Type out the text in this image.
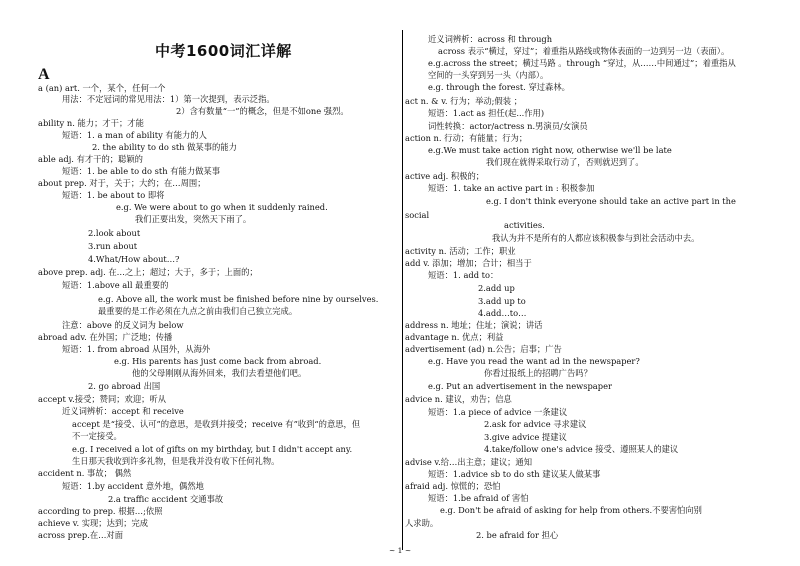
中考1600词汇详解
A
a (an) art. 一个，某个，任何一个
用法：不定冠词的常见用法：1）第一次提到，表示泛指。
2）含有数量“一”的概念，但是不如one 强烈。
ability n. 能力；才干；才能
短语：1. a man of ability 有能力的人
2. the ability to do sth 做某事的能力
able adj. 有才干的；聪颖的
短语：1. be able to do sth 有能力做某事
about prep. 对于，关于；大约；在…周围；
短语：1. be about to 即将
e.g. We were about to go when it suddenly rained.
我们正要出发，突然天下雨了。
2.look about
3.run about
4.What/How about…?
above prep. adj. 在…之上；超过；大于，多于；上面的；
短语：1.above all 最重要的
e.g. Above all, the work must be finished before nine by ourselves.
最重要的是工作必须在九点之前由我们自己独立完成。
注意：above 的反义词为 below
abroad adv. 在外国；广泛地；传播
短语：1. from abroad 从国外，从海外
e.g. His parents has just come back from abroad.
他的父母刚刚从海外回来，我们去看望他们吧。
2. go abroad 出国
accept v.接受；赞同；欢迎；听从
近义词辨析：accept 和 receive
accept 是“接受、认可”的意思，是收到并接受；receive 有”收到“的意思，但
不一定接受。
e.g. I received a lot of gifts on my birthday, but I didn't accept any.
生日那天我收到许多礼物，但是我并没有收下任何礼物。
accident n. 事故； 偶然
短语：1.by accident 意外地，偶然地
2.a traffic accident 交通事故
according to prep. 根据…;依照
achieve v. 实现；达到；完成
across prep.在…对面
近义词辨析：across 和 through
across 表示“横过，穿过”；着重指从路线或物体表面的一边到另一边（表面）。
e.g.across the street；横过马路 。through “穿过，从……中间通过”；着重指从
空间的一头穿到另一头（内部）。
e.g. through the forest. 穿过森林。
act n. & v. 行为；举动;假装 ；
短语：1.act as 担任(起...作用)
词性转换：actor/actress n.男演员/女演员
action n. 行动；有能量；行为；
e.g.We must take action right now, otherwise we'll be late
我们现在就得采取行动了，否则就迟到了。
active adj. 积极的；
短语：1. take an active part in : 积极参加
e.g. I don't think everyone should take an active part in the
social
activities.
我认为并不是所有的人都应该积极参与到社会活动中去。
activity n. 活动；工作；职业
add v. 添加；增加；合计；相当于
短语：1. add to：
2.add up
3.add up to
4.add…to…
address n. 地址；住址；演说；讲话
advantage n. 优点；利益
advertisement (ad) n.公告；启事；广告
e.g. Have you read the want ad in the newspaper?
你看过报纸上的招聘广告吗？
e.g. Put an advertisement in the newspaper
advice n. 建议，劝告；信息
短语：1.a piece of advice 一条建议
2.ask for advice 寻求建议
3.give advice 提建议
4.take/follow one's advice 接受、遵照某人的建议
advise v.给…出主意；建议；通知
短语：1.advice sb to do sth 建议某人做某事
afraid adj. 惊慌的；恐怕
短语：1.be afraid of 害怕
e.g. Don't be afraid of asking for help from others.不要害怕向别
人求助。
2. be afraid for 担心
~ 1 ~
